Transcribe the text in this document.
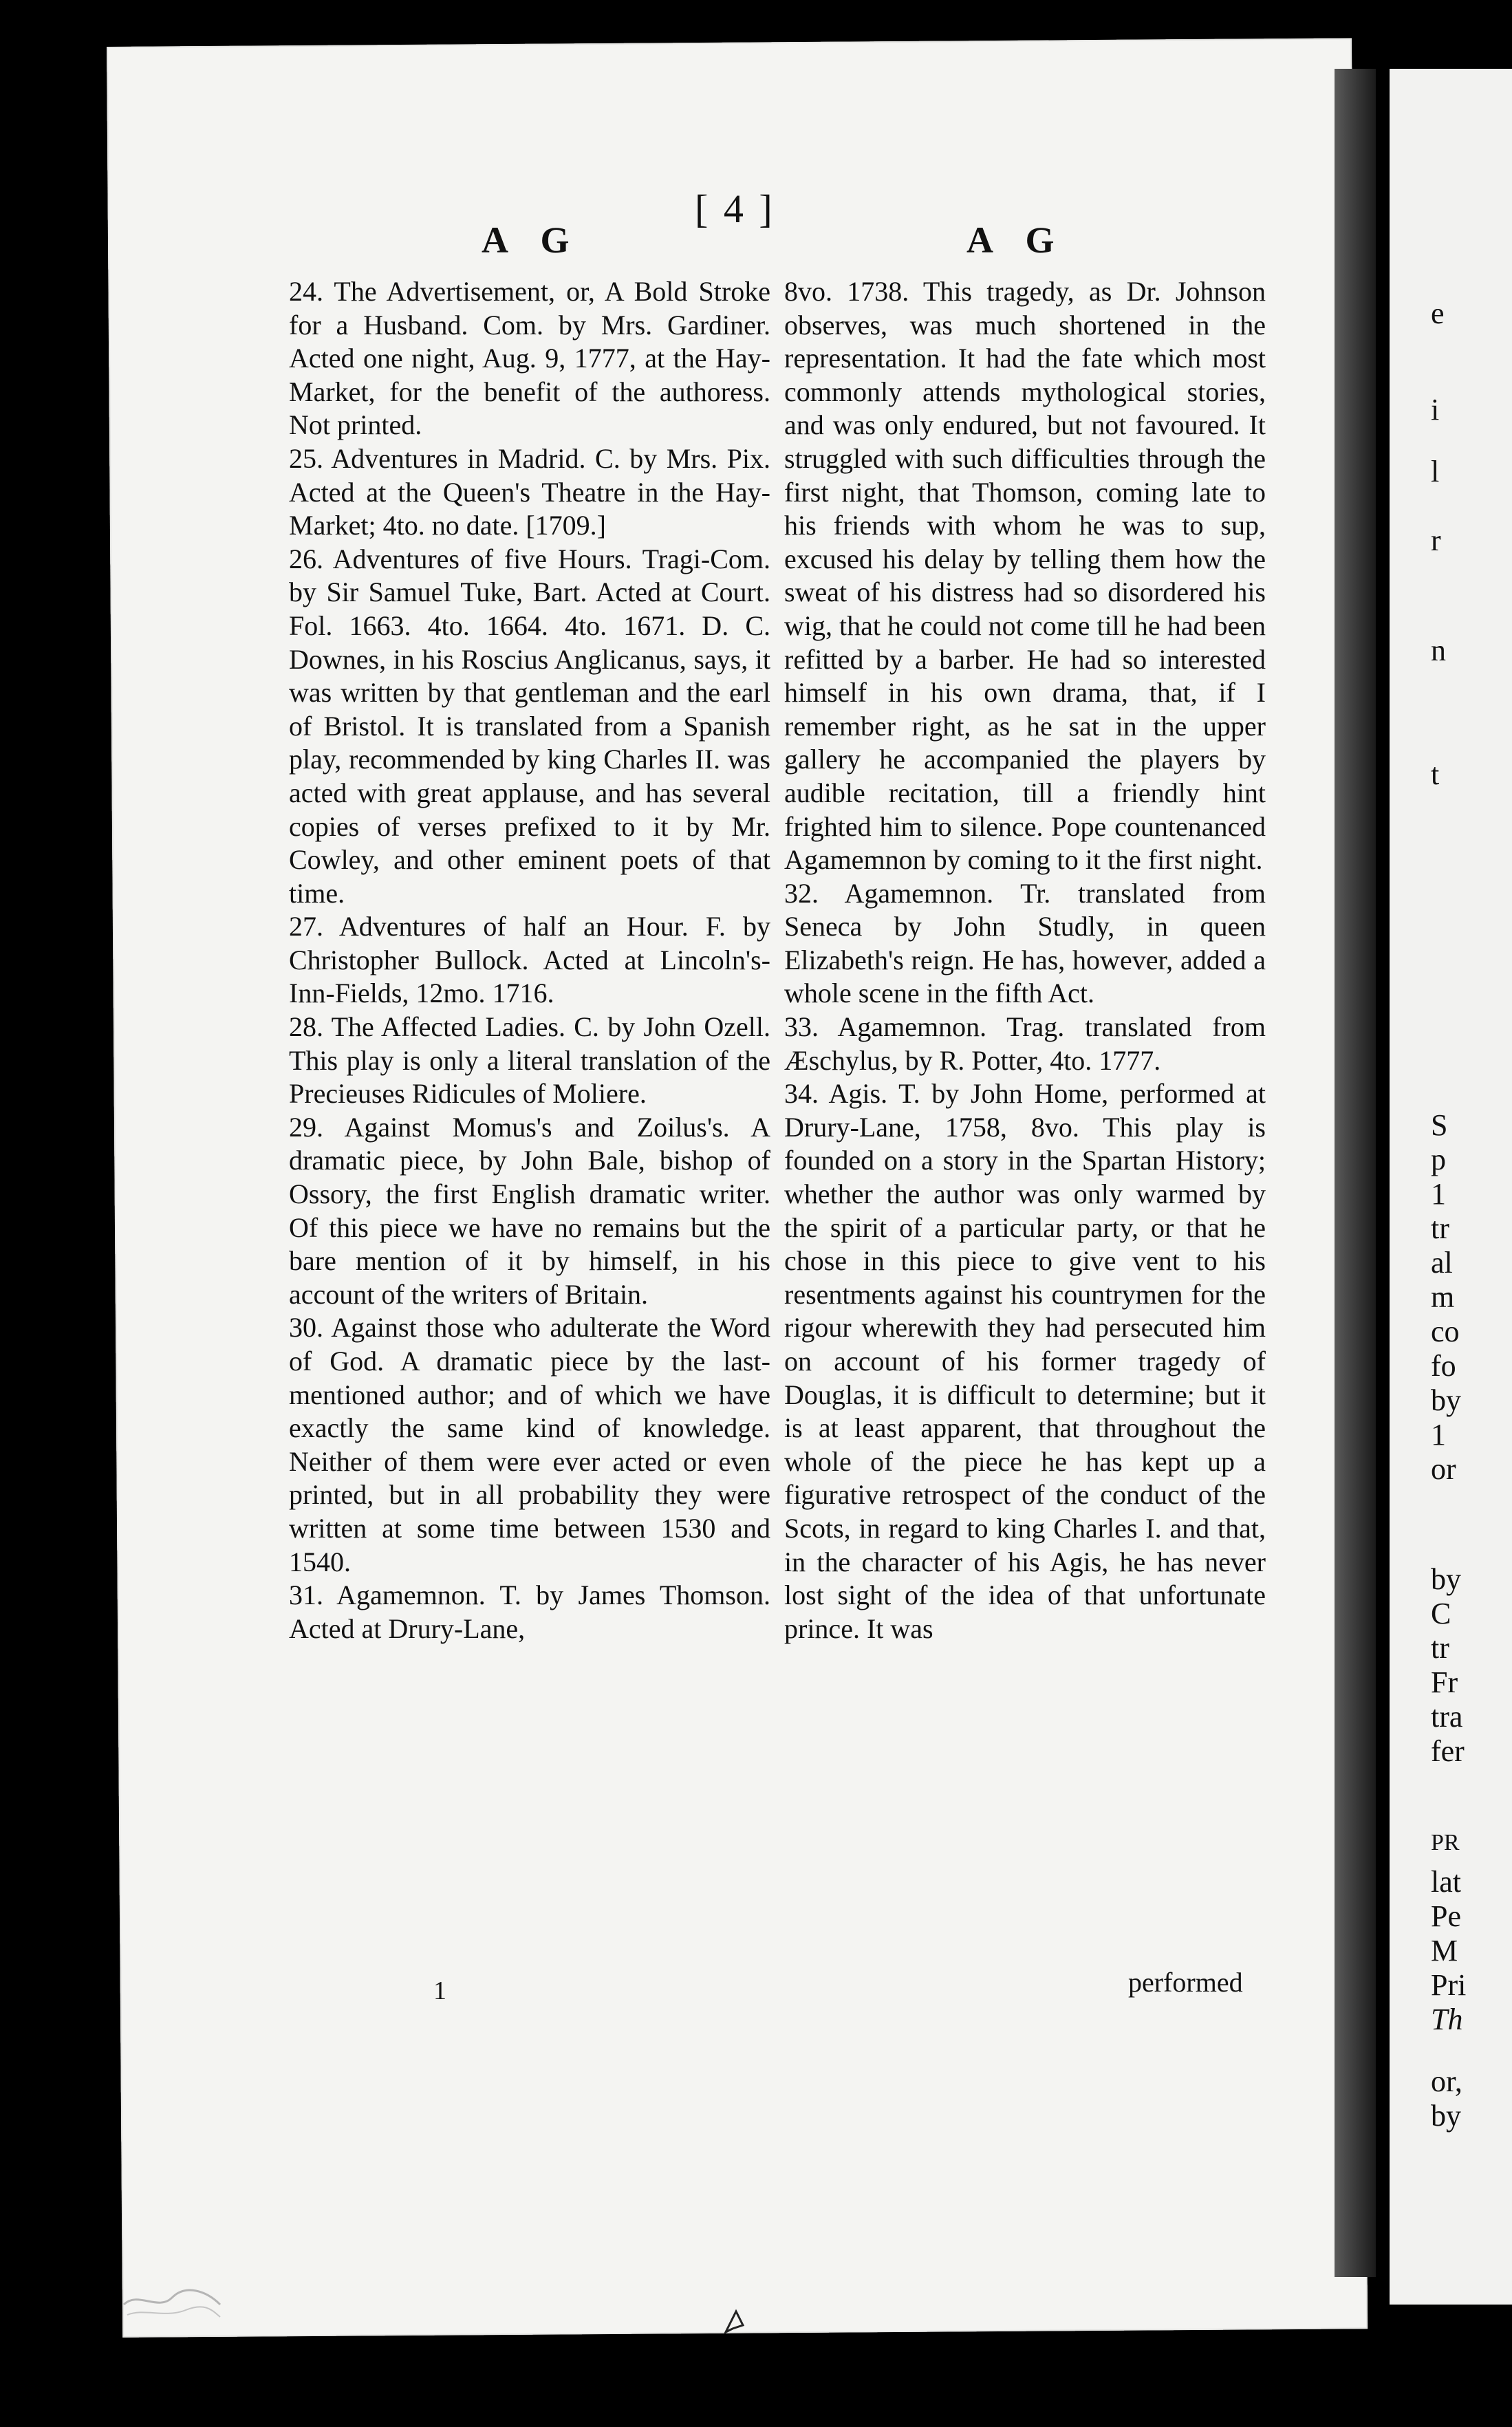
e
i
l
r
n
t
S
p
1
tr
al
m
co
fo
by
1
or
by
C
tr
Fr
tra
fer
PR
lat
Pe
M
Pri
Th
or,
by
[ 4 ]
A G	A G

24. The Advertisement, or, A Bold Stroke for a Husband. Com. by Mrs. Gardiner. Acted one night, Aug. 9, 1777, at the Hay-Market, for the benefit of the authoress. Not printed.

25. Adventures in Madrid. C. by Mrs. Pix. Acted at the Queen's Theatre in the Hay-Market; 4to. no date. [1709.]

26. Adventures of five Hours. Tragi-Com. by Sir Samuel Tuke, Bart. Acted at Court. Fol. 1663. 4to. 1664. 4to. 1671. D. C. Downes, in his Roscius Anglicanus, says, it was written by that gentleman and the earl of Bristol. It is translated from a Spanish play, recommended by king Charles II. was acted with great applause, and has several copies of verses prefixed to it by Mr. Cowley, and other eminent poets of that time.

27. Adventures of half an Hour. F. by Christopher Bullock. Acted at Lincoln's-Inn-Fields, 12mo. 1716.

28. The Affected Ladies. C. by John Ozell. This play is only a literal translation of the Precieuses Ridicules of Moliere.

29. Against Momus's and Zoilus's. A dramatic piece, by John Bale, bishop of Ossory, the first English dramatic writer. Of this piece we have no remains but the bare mention of it by himself, in his account of the writers of Britain.

30. Against those who adulterate the Word of God. A dramatic piece by the last-mentioned author; and of which we have exactly the same kind of knowledge. Neither of them were ever acted or even printed, but in all probability they were written at some time between 1530 and 1540.

31. Agamemnon. T. by James Thomson. Acted at Drury-Lane,

8vo. 1738. This tragedy, as Dr. Johnson observes, was much shortened in the representation. It had the fate which most commonly attends mythological stories, and was only endured, but not favoured. It struggled with such difficulties through the first night, that Thomson, coming late to his friends with whom he was to sup, excused his delay by telling them how the sweat of his distress had so disordered his wig, that he could not come till he had been refitted by a barber. He had so interested himself in his own drama, that, if I remember right, as he sat in the upper gallery he accompanied the players by audible recitation, till a friendly hint frighted him to silence. Pope countenanced Agamemnon by coming to it the first night.

32. Agamemnon. Tr. translated from Seneca by John Studly, in queen Elizabeth's reign. He has, however, added a whole scene in the fifth Act.

33. Agamemnon. Trag. translated from Æschylus, by R. Potter, 4to. 1777.

34. Agis. T. by John Home, performed at Drury-Lane, 1758, 8vo. This play is founded on a story in the Spartan History; whether the author was only warmed by the spirit of a particular party, or that he chose in this piece to give vent to his resentments against his countrymen for the rigour wherewith they had persecuted him on account of his former tragedy of Douglas, it is difficult to determine; but it is at least apparent, that throughout the whole of the piece he has kept up a figurative retrospect of the conduct of the Scots, in regard to king Charles I. and that, in the character of his Agis, he has never lost sight of the idea of that unfortunate prince. It was

1	performed
